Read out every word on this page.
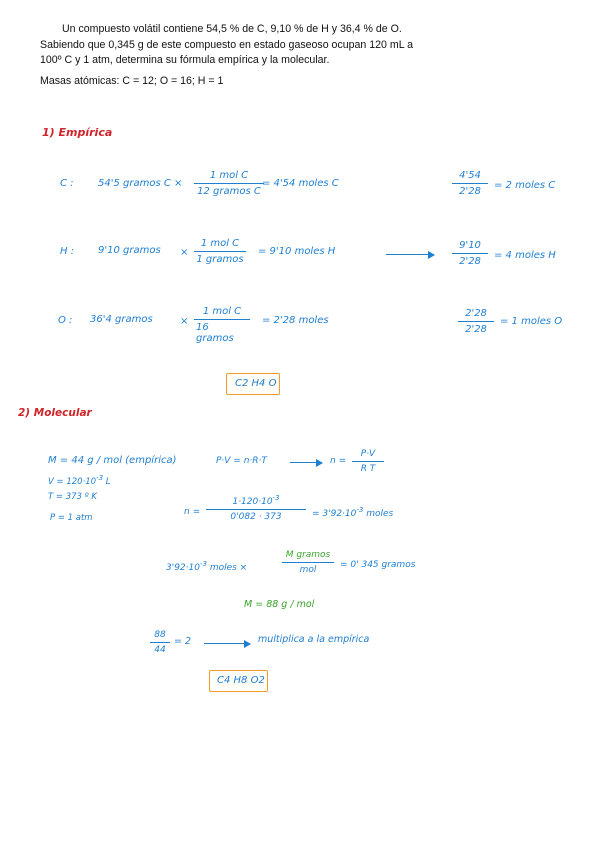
Un compuesto volátil contiene 54,5 % de C, 9,10 % de H y 36,4 % de O.

Sabiendo que 0,345 g de este compuesto en estado gaseoso ocupan 120 mL a

100º C y 1 atm, determina su fórmula empírica y la molecular.

Masas atómicas: C = 12; O = 16; H = 1

1) Empírica
C : 54'5 gramos C ×
1 mol C
12 gramos C
= 4'54 moles C
4'54
2'28
= 2 moles C
H : 9'10 gramos ×
1 mol C
1 gramos
= 9'10 moles H
9'10
2'28
= 4 moles H
O : 36'4 gramos	×
1 mol C
16 gramos
= 2'28 moles
2'28
2'28
= 1 moles O
C2 H4 O
2) Molecular
M = 44 g / mol (empírica)
$V = 120\cdot 10^{-3}$ L
T = 373 º K
P = 1 atm
P·V = n·R·T	n =
P·V
R T
n =
$1\cdot 120\cdot 10^{-3}$
0'082 · 373	= $3'92\cdot 10^{-3}$ moles
$3'92\cdot 10^{-3}$ moles ×
M gramos
mol
= 0' 345 gramos
M = 88 g / mol
88
44
= 2	multiplica a la empírica
C4 H8 O2
